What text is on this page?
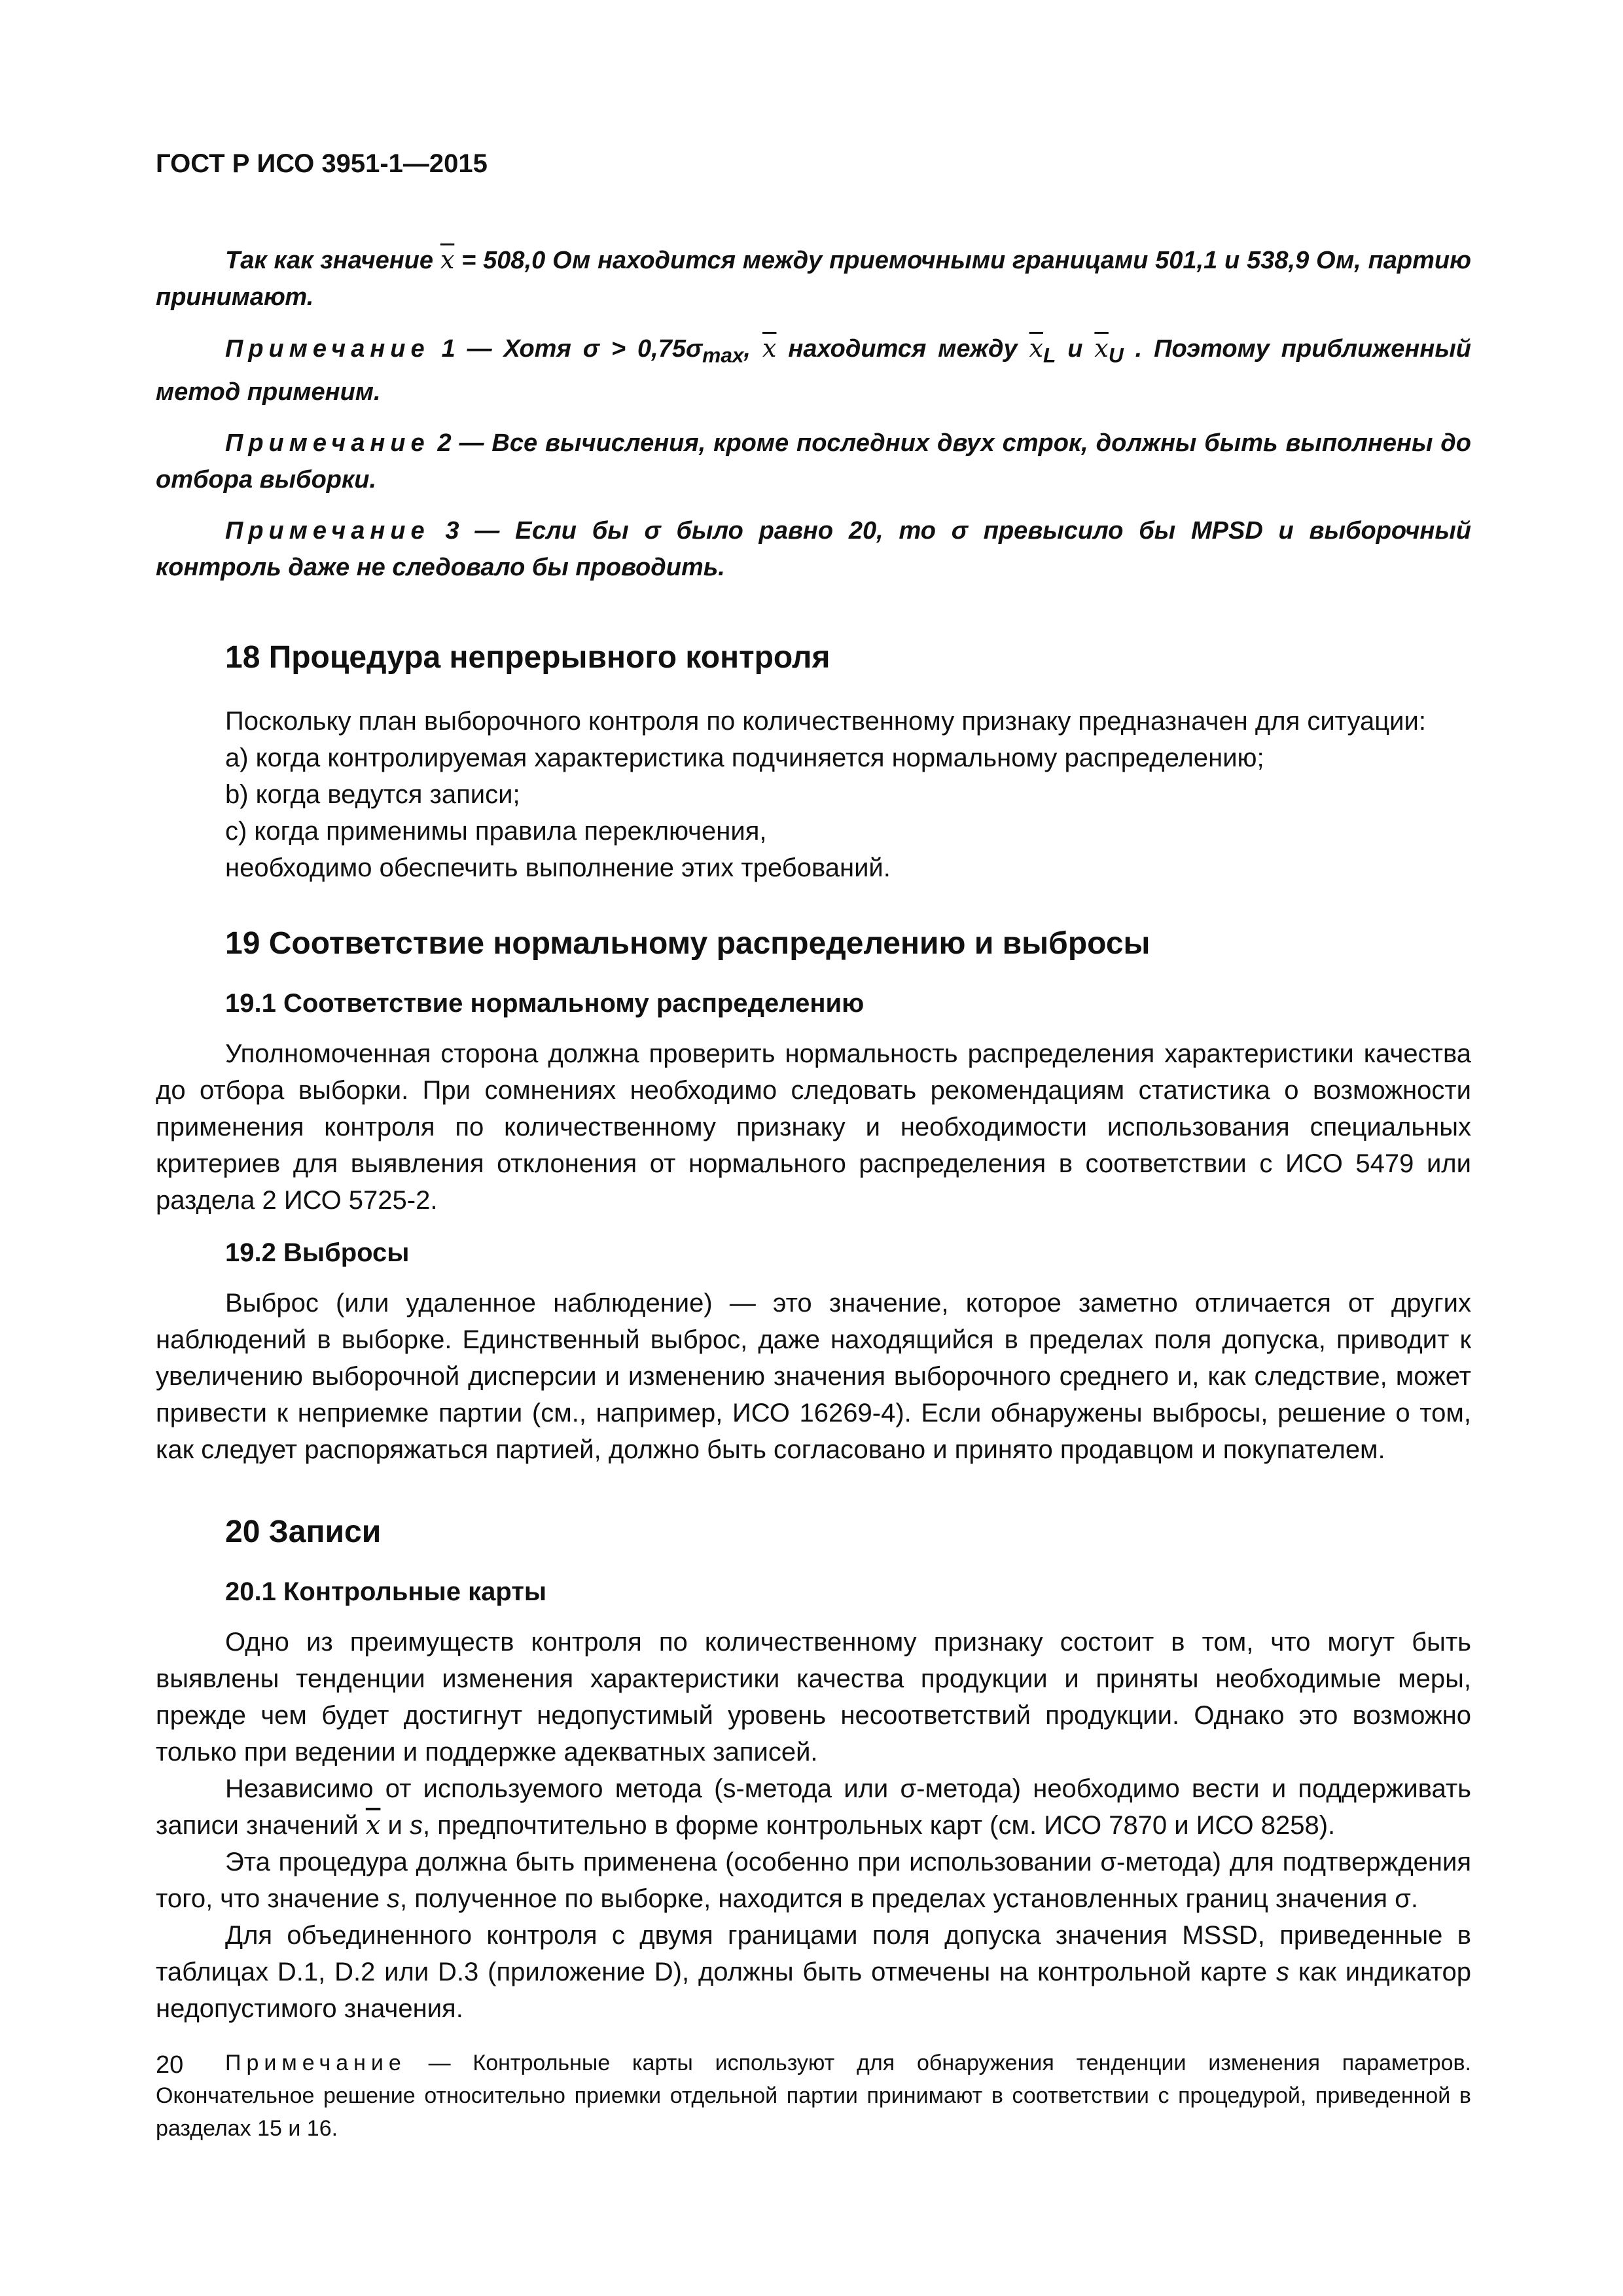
ГОСТ Р ИСО 3951-1—2015

Так как значение $\overline{x} = 508,0$ Ом находится между приемочными границами 501,1 и 538,9 Ом, партию принимают.

Примечание 1 — Хотя $\sigma > 0,75\sigma_{max}$, $\overline{x}$ находится между $\overline{x}_L$ и $\overline{x}_U$ . Поэтому приближенный метод применим.

Примечание 2 — Все вычисления, кроме последних двух строк, должны быть выполнены до отбора выборки.

Примечание 3 — Если бы σ было равно 20, то σ превысило бы MPSD и выборочный контроль даже не следовало бы проводить.

18 Процедура непрерывного контроля

Поскольку план выборочного контроля по количественному признаку предназначен для ситуации:

a) когда контролируемая характеристика подчиняется нормальному распределению;

b) когда ведутся записи;

c) когда применимы правила переключения,

необходимо обеспечить выполнение этих требований.

19 Соответствие нормальному распределению и выбросы
19.1 Соответствие нормальному распределению

Уполномоченная сторона должна проверить нормальность распределения характеристики качества до отбора выборки. При сомнениях необходимо следовать рекомендациям статистика о возможности применения контроля по количественному признаку и необходимости использования специальных критериев для выявления отклонения от нормального распределения в соответствии с ИСО 5479 или раздела 2 ИСО 5725-2.

19.2 Выбросы

Выброс (или удаленное наблюдение) — это значение, которое заметно отличается от других наблюдений в выборке. Единственный выброс, даже находящийся в пределах поля допуска, приводит к увеличению выборочной дисперсии и изменению значения выборочного среднего и, как следствие, может привести к неприемке партии (см., например, ИСО 16269-4). Если обнаружены выбросы, решение о том, как следует распоряжаться партией, должно быть согласовано и принято продавцом и покупателем.

20 Записи
20.1 Контрольные карты

Одно из преимуществ контроля по количественному признаку состоит в том, что могут быть выявлены тенденции изменения характеристики качества продукции и приняты необходимые меры, прежде чем будет достигнут недопустимый уровень несоответствий продукции. Однако это возможно только при ведении и поддержке адекватных записей.

Независимо от используемого метода (s-метода или σ-метода) необходимо вести и поддерживать записи значений $\overline{x}$ и s, предпочтительно в форме контрольных карт (см. ИСО 7870 и ИСО 8258).

Эта процедура должна быть применена (особенно при использовании σ-метода) для подтверждения того, что значение s, полученное по выборке, находится в пределах установленных границ значения σ.

Для объединенного контроля с двумя границами поля допуска значения MSSD, приведенные в таблицах D.1, D.2 или D.3 (приложение D), должны быть отмечены на контрольной карте s как индикатор недопустимого значения.

Примечание — Контрольные карты используют для обнаружения тенденции изменения параметров. Окончательное решение относительно приемки отдельной партии принимают в соответствии с процедурой, приведенной в разделах 15 и 16.

20
